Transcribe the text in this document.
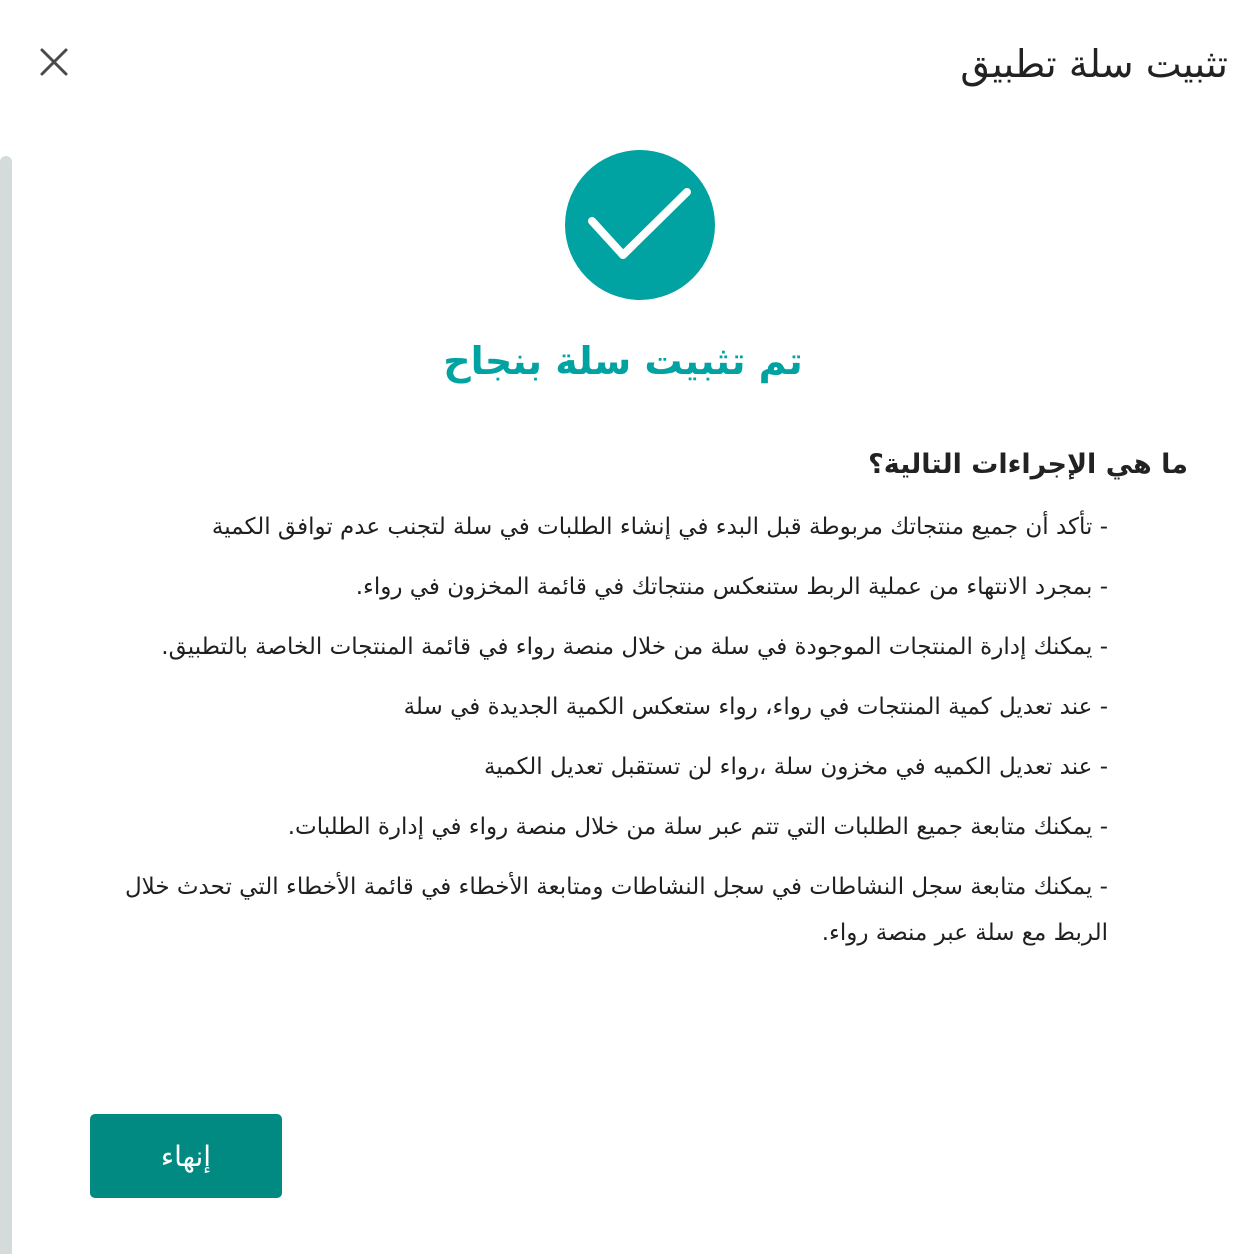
تثبيت سلة تطبيق
تم تثبيت سلة بنجاح
ما هي الإجراءات التالية؟
- تأكد أن جميع منتجاتك مربوطة قبل البدء في إنشاء الطلبات في سلة لتجنب عدم توافق الكمية
- بمجرد الانتهاء من عملية الربط ستنعكس منتجاتك في قائمة المخزون في رواء.
- يمكنك إدارة المنتجات الموجودة في سلة من خلال منصة رواء في قائمة المنتجات الخاصة بالتطبيق.
- عند تعديل كمية المنتجات في رواء، رواء ستعكس الكمية الجديدة في سلة
- عند تعديل الكميه في مخزون سلة ،رواء لن تستقبل تعديل الكمية
- يمكنك متابعة جميع الطلبات التي تتم عبر سلة من خلال منصة رواء في إدارة الطلبات.
- يمكنك متابعة سجل النشاطات في سجل النشاطات ومتابعة الأخطاء في قائمة الأخطاء التي تحدث خلال الربط مع سلة عبر منصة رواء.
إنهاء
